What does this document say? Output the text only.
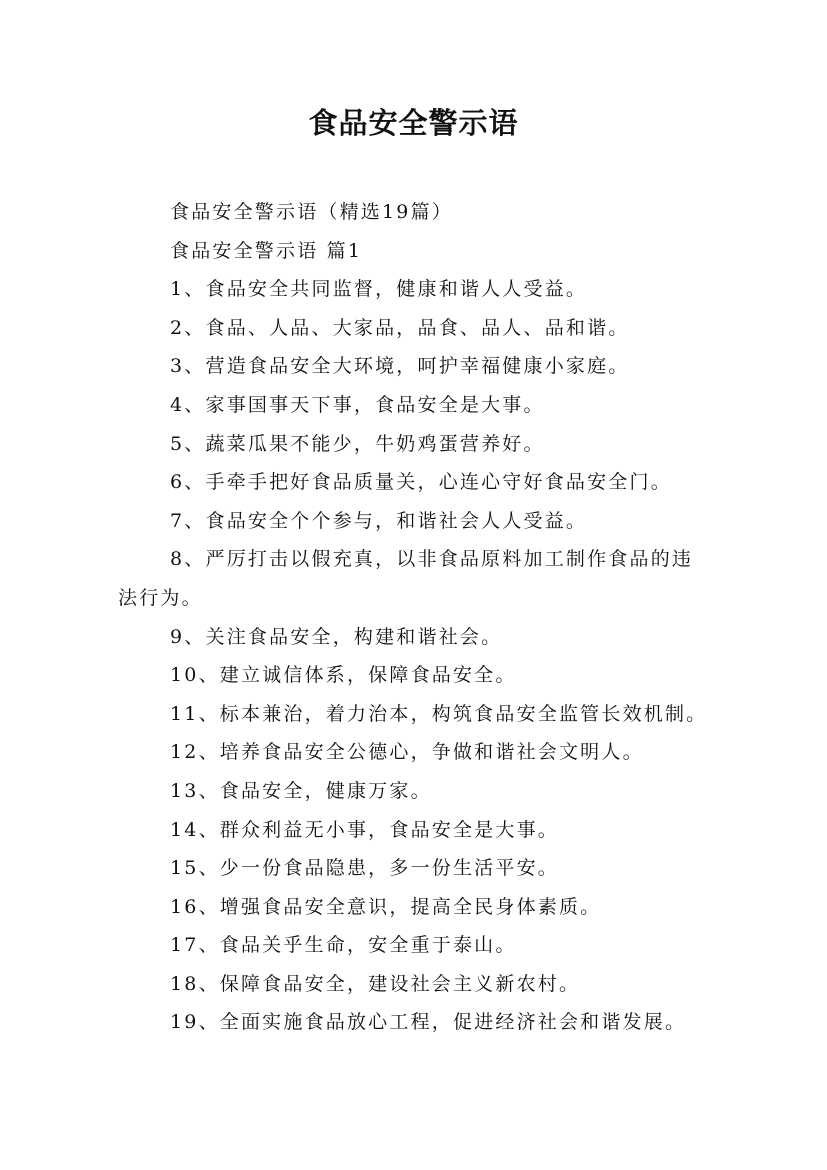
食品安全警示语
食品安全警示语（精选19篇）
食品安全警示语 篇1
1、食品安全共同监督，健康和谐人人受益。
2、食品、人品、大家品，品食、品人、品和谐。
3、营造食品安全大环境，呵护幸福健康小家庭。
4、家事国事天下事，食品安全是大事。
5、蔬菜瓜果不能少，牛奶鸡蛋营养好。
6、手牵手把好食品质量关，心连心守好食品安全门。
7、食品安全个个参与，和谐社会人人受益。
8、严厉打击以假充真，以非食品原料加工制作食品的违法行为。
9、关注食品安全，构建和谐社会。
10、建立诚信体系，保障食品安全。
11、标本兼治，着力治本，构筑食品安全监管长效机制。
12、培养食品安全公德心，争做和谐社会文明人。
13、食品安全，健康万家。
14、群众利益无小事，食品安全是大事。
15、少一份食品隐患，多一份生活平安。
16、增强食品安全意识，提高全民身体素质。
17、食品关乎生命，安全重于泰山。
18、保障食品安全，建设社会主义新农村。
19、全面实施食品放心工程，促进经济社会和谐发展。
